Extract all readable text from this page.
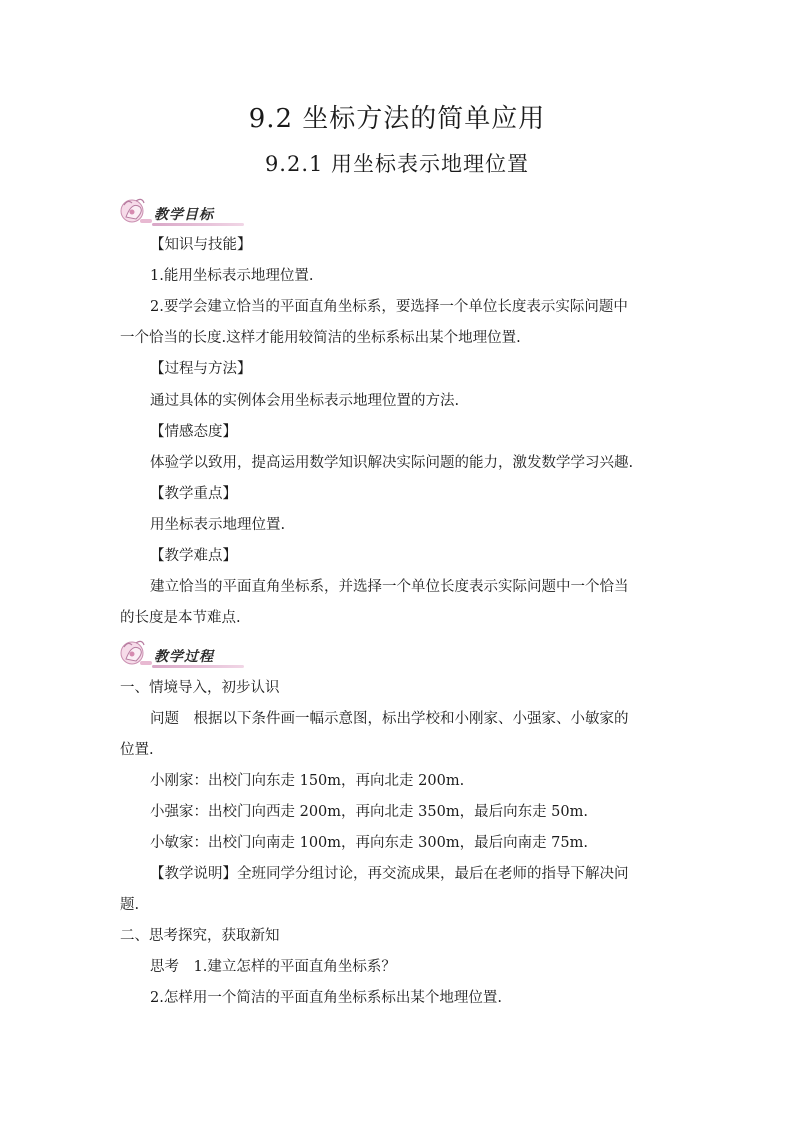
9.2 坐标方法的简单应用
9.2.1 用坐标表示地理位置
教学目标
【知识与技能】
1.能用坐标表示地理位置.
2.要学会建立恰当的平面直角坐标系，要选择一个单位长度表示实际问题中
一个恰当的长度.这样才能用较简洁的坐标系标出某个地理位置.
【过程与方法】
通过具体的实例体会用坐标表示地理位置的方法.
【情感态度】
体验学以致用，提高运用数学知识解决实际问题的能力，激发数学学习兴趣.
【教学重点】
用坐标表示地理位置.
【教学难点】
建立恰当的平面直角坐标系，并选择一个单位长度表示实际问题中一个恰当
的长度是本节难点.
教学过程
一、情境导入，初步认识
问题　根据以下条件画一幅示意图，标出学校和小刚家、小强家、小敏家的
位置.
小刚家：出校门向东走 150m，再向北走 200m.
小强家：出校门向西走 200m，再向北走 350m，最后向东走 50m.
小敏家：出校门向南走 100m，再向东走 300m，最后向南走 75m.
【教学说明】全班同学分组讨论，再交流成果，最后在老师的指导下解决问
题.
二、思考探究，获取新知
思考　1.建立怎样的平面直角坐标系？
2.怎样用一个简洁的平面直角坐标系标出某个地理位置.
